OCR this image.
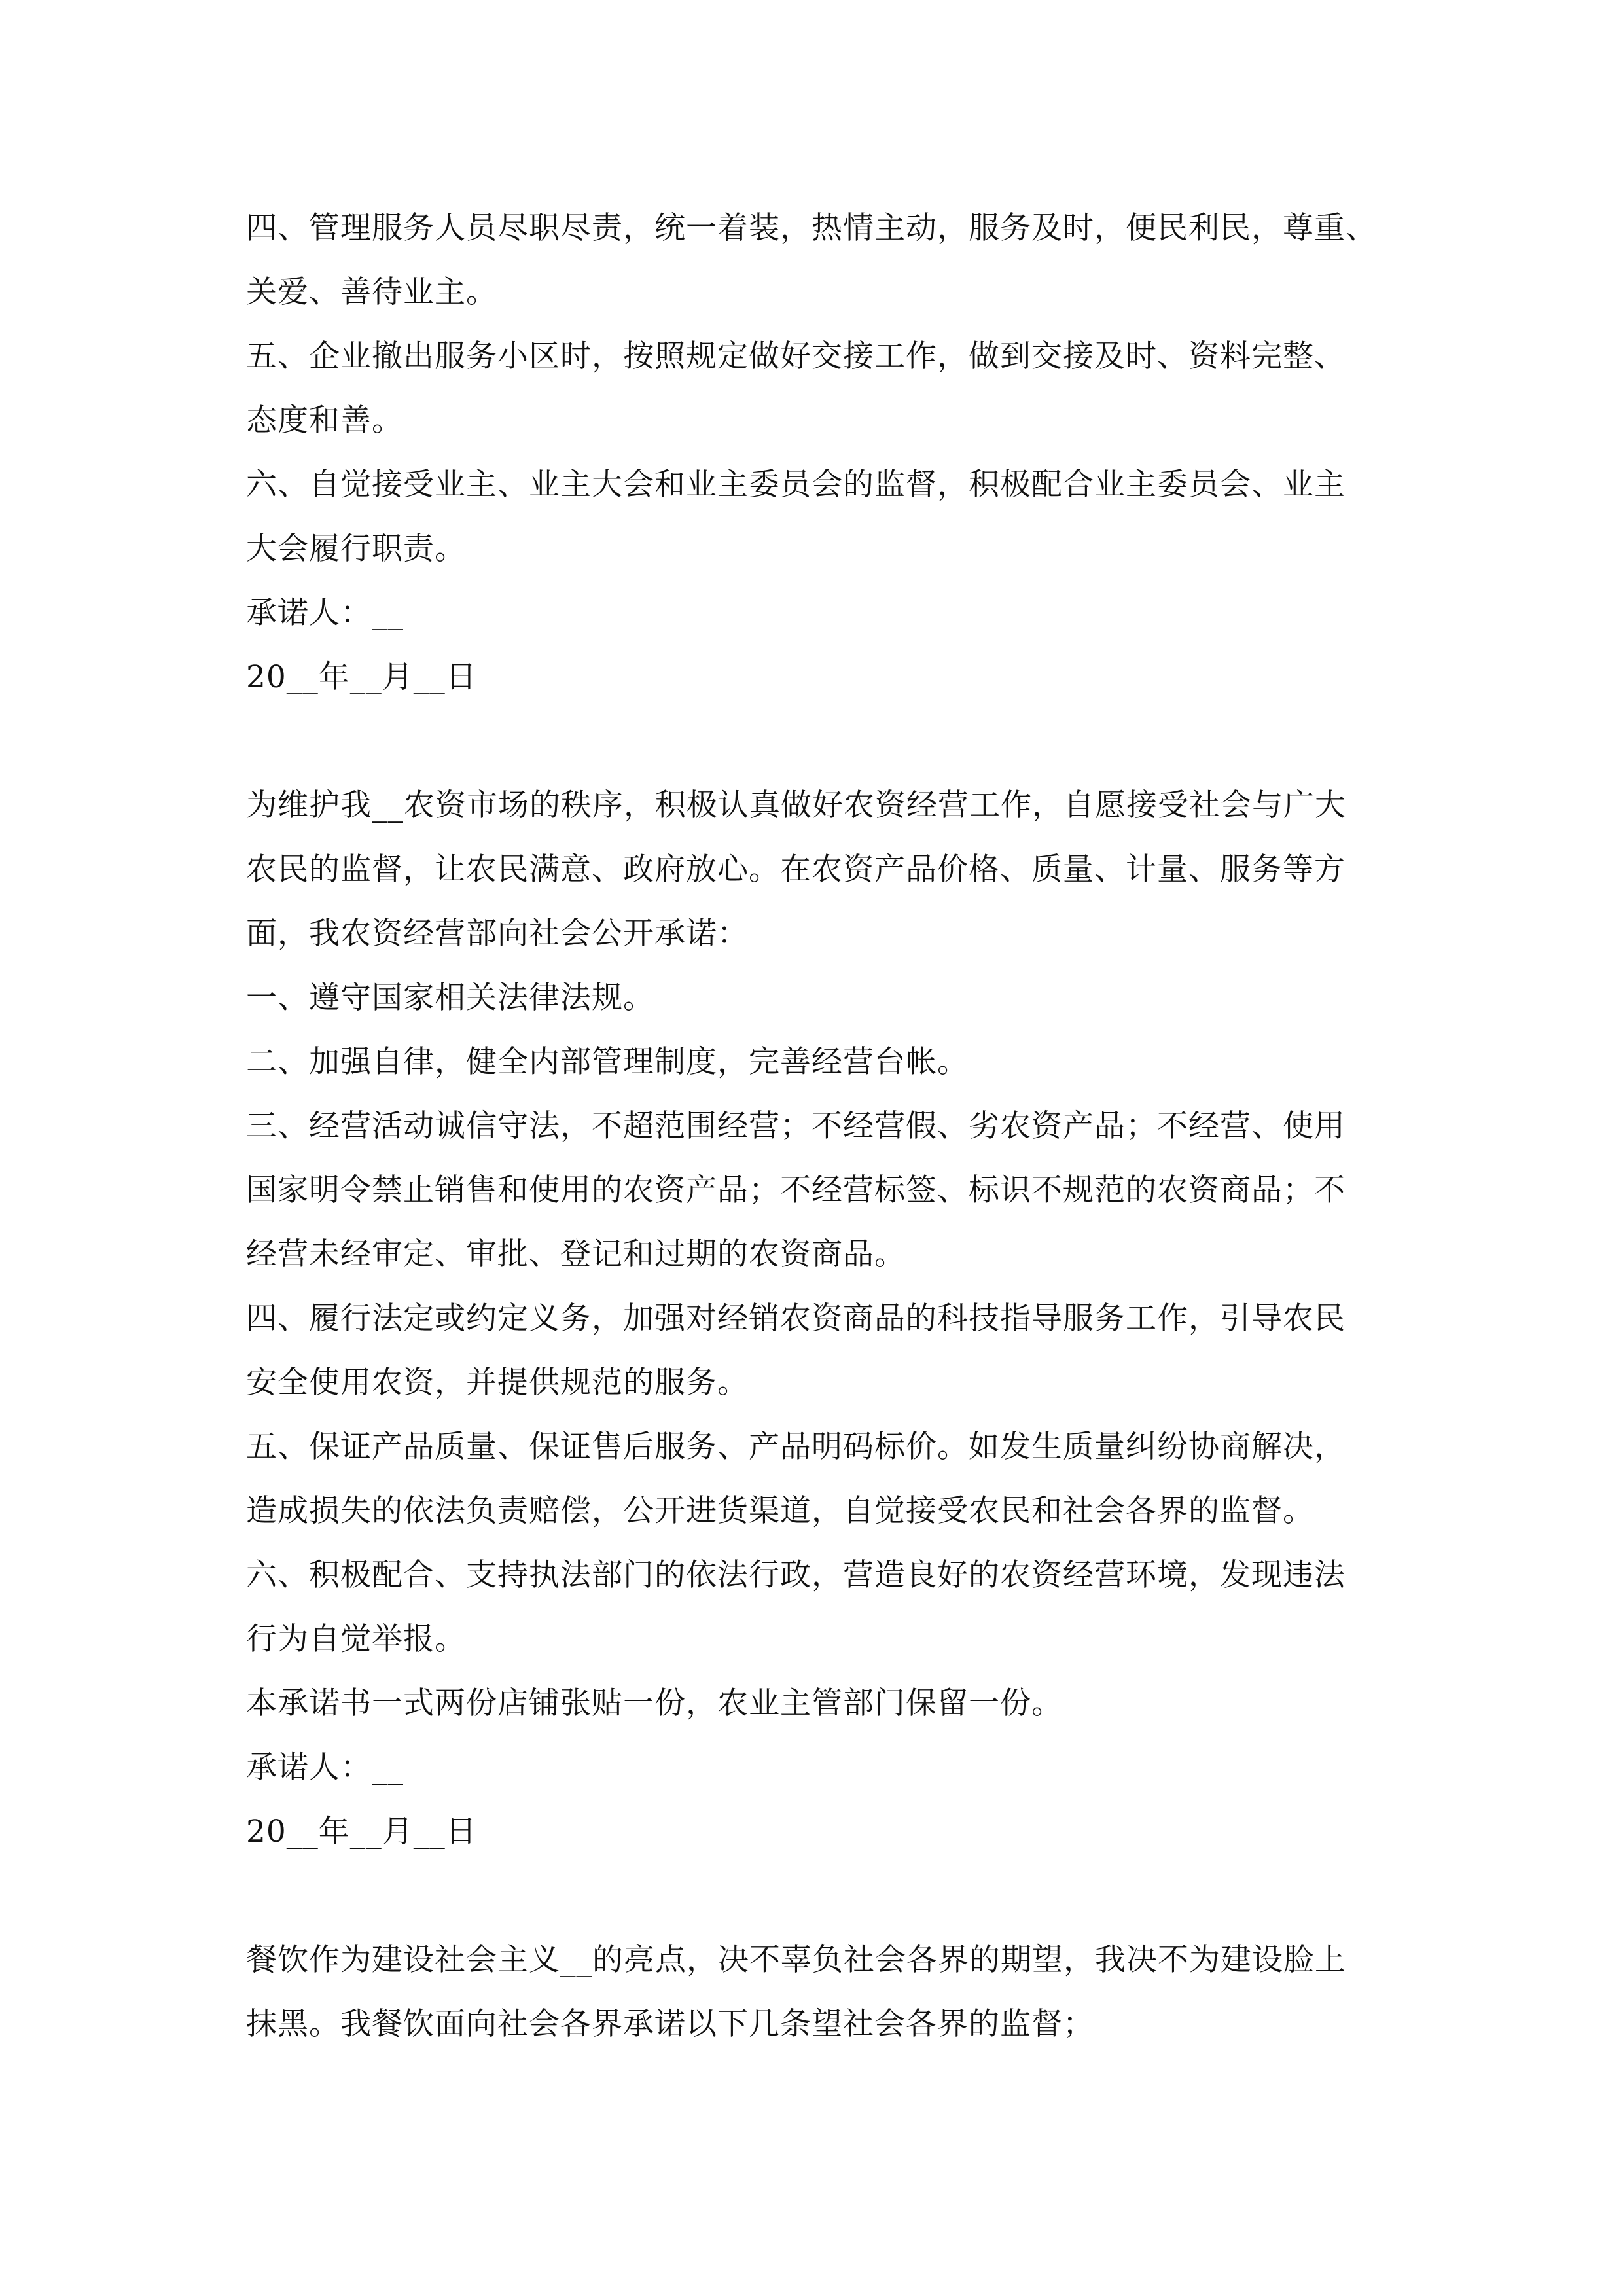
四、管理服务人员尽职尽责，统一着装，热情主动，服务及时，便民利民，尊重、
关爱、善待业主。
五、企业撤出服务小区时，按照规定做好交接工作，做到交接及时、资料完整、
态度和善。
六、自觉接受业主、业主大会和业主委员会的监督，积极配合业主委员会、业主
大会履行职责。
承诺人：__
20__年__月__日
为维护我__农资市场的秩序，积极认真做好农资经营工作，自愿接受社会与广大
农民的监督，让农民满意、政府放心。在农资产品价格、质量、计量、服务等方
面，我农资经营部向社会公开承诺：
一、遵守国家相关法律法规。
二、加强自律，健全内部管理制度，完善经营台帐。
三、经营活动诚信守法，不超范围经营；不经营假、劣农资产品；不经营、使用
国家明令禁止销售和使用的农资产品；不经营标签、标识不规范的农资商品；不
经营未经审定、审批、登记和过期的农资商品。
四、履行法定或约定义务，加强对经销农资商品的科技指导服务工作，引导农民
安全使用农资，并提供规范的服务。
五、保证产品质量、保证售后服务、产品明码标价。如发生质量纠纷协商解决，
造成损失的依法负责赔偿，公开进货渠道，自觉接受农民和社会各界的监督。
六、积极配合、支持执法部门的依法行政，营造良好的农资经营环境，发现违法
行为自觉举报。
本承诺书一式两份店铺张贴一份，农业主管部门保留一份。
承诺人：__
20__年__月__日
餐饮作为建设社会主义__的亮点，决不辜负社会各界的期望，我决不为建设脸上
抹黑。我餐饮面向社会各界承诺以下几条望社会各界的监督；
